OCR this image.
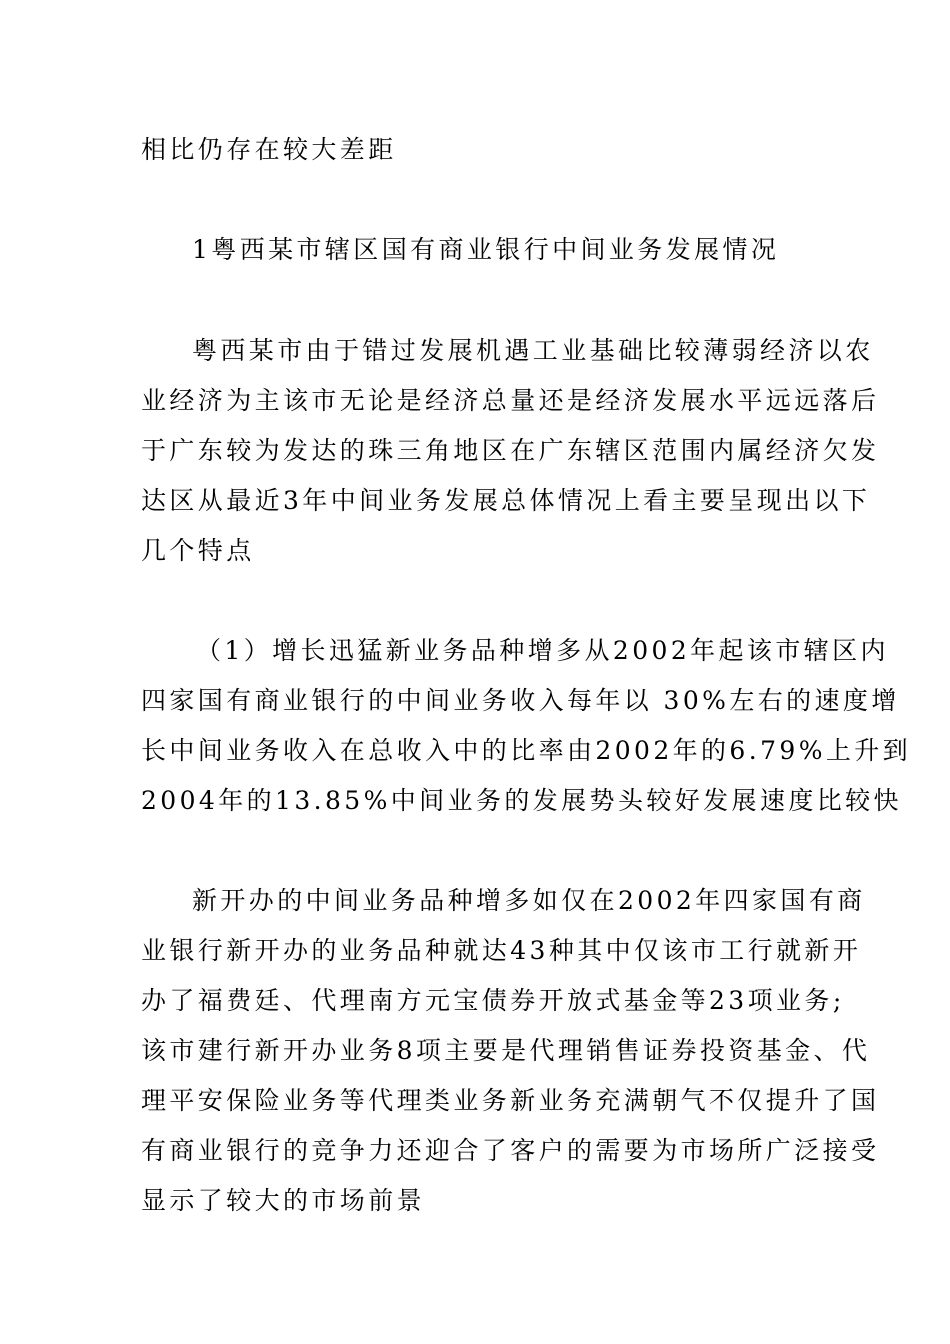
相比仍存在较大差距
1粤西某市辖区国有商业银行中间业务发展情况
粤西某市由于错过发展机遇工业基础比较薄弱经济以农
业经济为主该市无论是经济总量还是经济发展水平远远落后
于广东较为发达的珠三角地区在广东辖区范围内属经济欠发
达区从最近3年中间业务发展总体情况上看主要呈现出以下
几个特点
（1）增长迅猛新业务品种增多从2002年起该市辖区内
四家国有商业银行的中间业务收入每年以 30%左右的速度增
长中间业务收入在总收入中的比率由2002年的6.79%上升到
2004年的13.85%中间业务的发展势头较好发展速度比较快
新开办的中间业务品种增多如仅在2002年四家国有商
业银行新开办的业务品种就达43种其中仅该市工行就新开
办了福费廷、代理南方元宝债券开放式基金等23项业务;
该市建行新开办业务8项主要是代理销售证券投资基金、代
理平安保险业务等代理类业务新业务充满朝气不仅提升了国
有商业银行的竞争力还迎合了客户的需要为市场所广泛接受
显示了较大的市场前景
